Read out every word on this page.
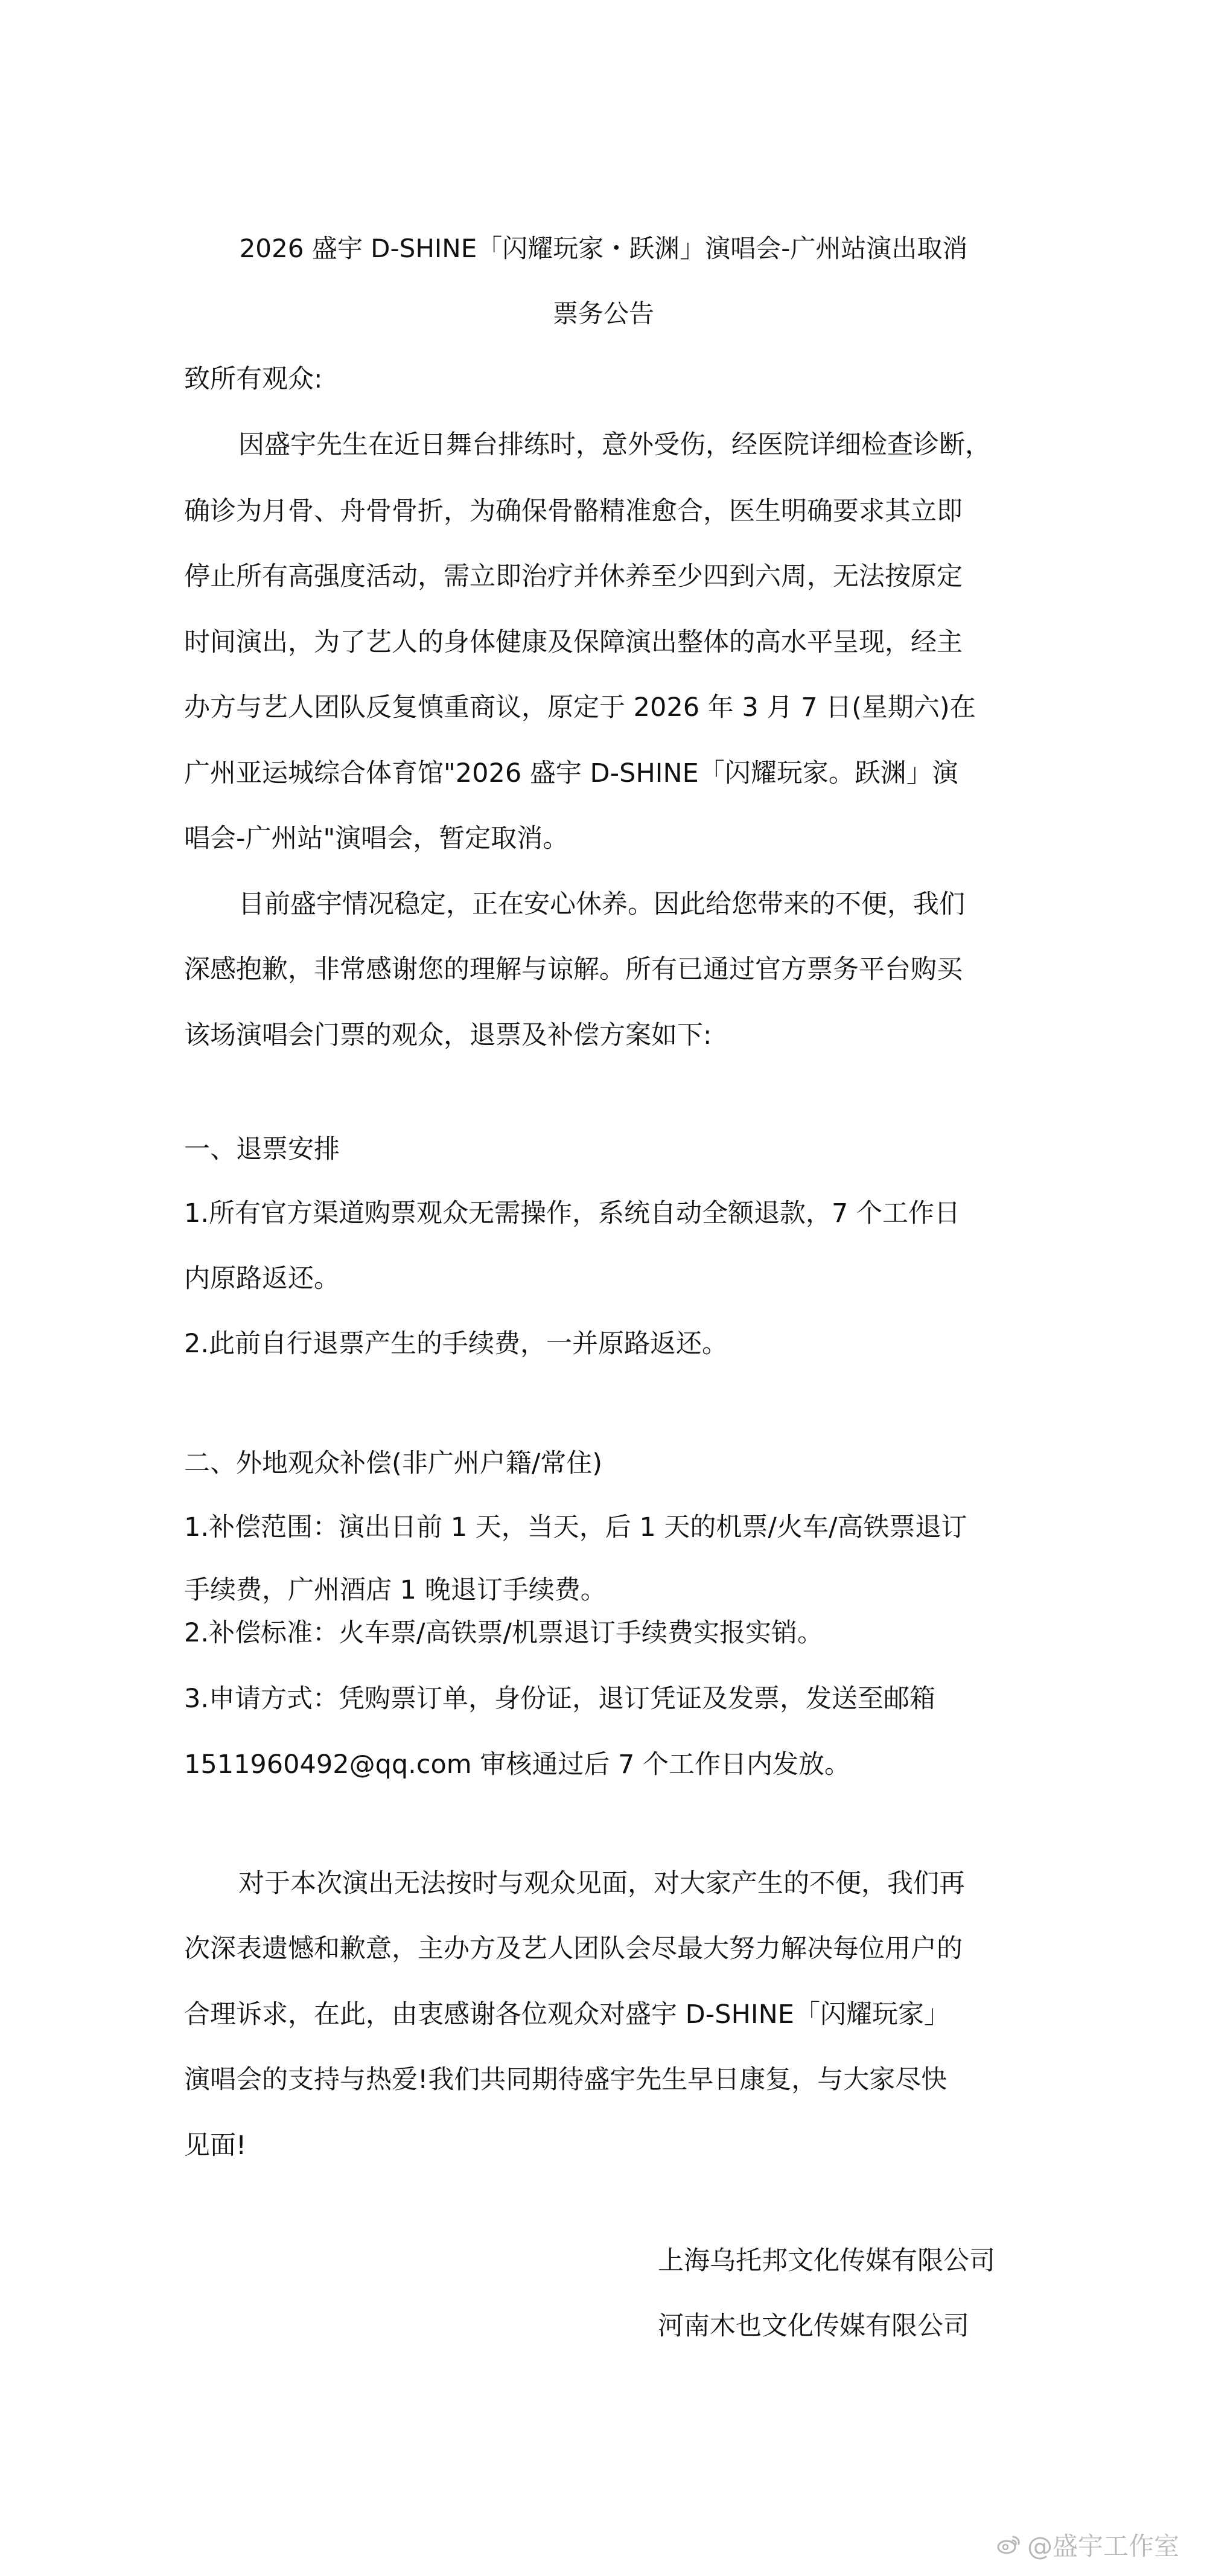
2026 盛宇 D-SHINE「闪耀玩家・跃渊」演唱会-广州站演出取消
票务公告
致所有观众:
因盛宇先生在近日舞台排练时，意外受伤，经医院详细检查诊断，
确诊为月骨、舟骨骨折，为确保骨骼精准愈合，医生明确要求其立即
停止所有高强度活动，需立即治疗并休养至少四到六周，无法按原定
时间演出，为了艺人的身体健康及保障演出整体的高水平呈现，经主
办方与艺人团队反复慎重商议，原定于 2026 年 3 月 7 日(星期六)在
广州亚运城综合体育馆"2026 盛宇 D-SHINE「闪耀玩家。跃渊」演
唱会-广州站"演唱会，暂定取消。
目前盛宇情况稳定，正在安心休养。因此给您带来的不便，我们
深感抱歉，非常感谢您的理解与谅解。所有已通过官方票务平台购买
该场演唱会门票的观众，退票及补偿方案如下:
一、退票安排
1.所有官方渠道购票观众无需操作，系统自动全额退款，7 个工作日
内原路返还。
2.此前自行退票产生的手续费，一并原路返还。
二、外地观众补偿(非广州户籍/常住)
1.补偿范围：演出日前 1 天，当天，后 1 天的机票/火车/高铁票退订
手续费，广州酒店 1 晚退订手续费。
2.补偿标准：火车票/高铁票/机票退订手续费实报实销。
3.申请方式：凭购票订单，身份证，退订凭证及发票，发送至邮箱
1511960492@qq.com 审核通过后 7 个工作日内发放。
对于本次演出无法按时与观众见面，对大家产生的不便，我们再
次深表遗憾和歉意，主办方及艺人团队会尽最大努力解决每位用户的
合理诉求，在此，由衷感谢各位观众对盛宇 D-SHINE「闪耀玩家」
演唱会的支持与热爱!我们共同期待盛宇先生早日康复，与大家尽快
见面!
上海乌托邦文化传媒有限公司
河南木也文化传媒有限公司
@盛宇工作室
